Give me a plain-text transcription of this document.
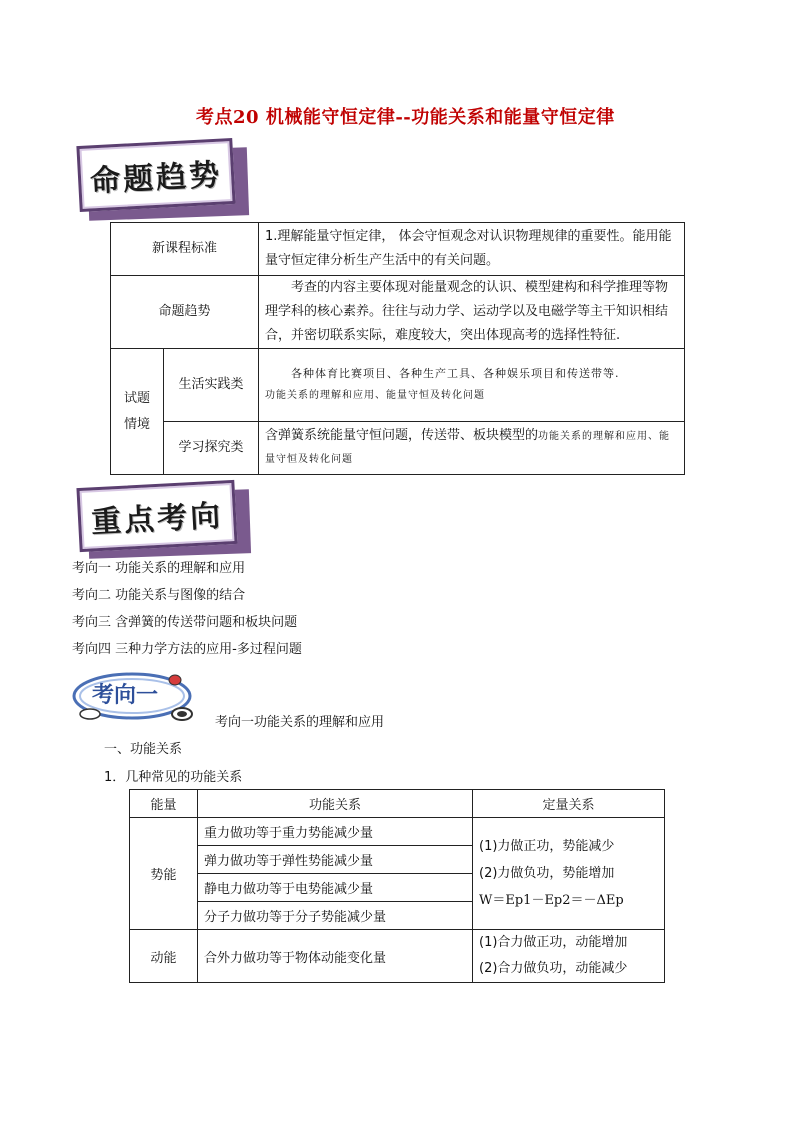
考点20 机械能守恒定律--功能关系和能量守恒定律
命题趋势
新课程标准		1.理解能量守恒定律， 体会守恒观念对认识物理规律的重要性。能用能量守恒定律分析生产生活中的有关问题。
命题趋势		考查的内容主要体现对能量观念的认识、模型建构和科学推理等物理学科的核心素养。往往与动力学、运动学以及电磁学等主干知识相结合，并密切联系实际，难度较大，突出体现高考的选择性特征.
试题情境	生活实践类	各种体育比赛项目、各种生产工具、各种娱乐项目和传送带等.
功能关系的理解和应用、能量守恒及转化问题

	学习探究类	含弹簧系统能量守恒问题，传送带、板块模型的功能关系的理解和应用、能量守恒及转化问题
重点考向
考向一 功能关系的理解和应用
考向二 功能关系与图像的结合
考向三 含弹簧的传送带问题和板块问题
考向四 三种力学方法的应用-多过程问题
考向一
考向一功能关系的理解和应用
一、功能关系
1．几种常见的功能关系
能量	功能关系	定量关系
势能	重力做功等于重力势能减少量	(1)力做正功，势能减少
(2)力做负功，势能增加
W＝Ep1－Ep2＝－ΔEp

	弹力做功等于弹性势能减少量	
	静电力做功等于电势能减少量	
	分子力做功等于分子势能减少量	
动能	合外力做功等于物体动能变化量	(1)合力做正功，动能增加
(2)合力做负功，动能减少
